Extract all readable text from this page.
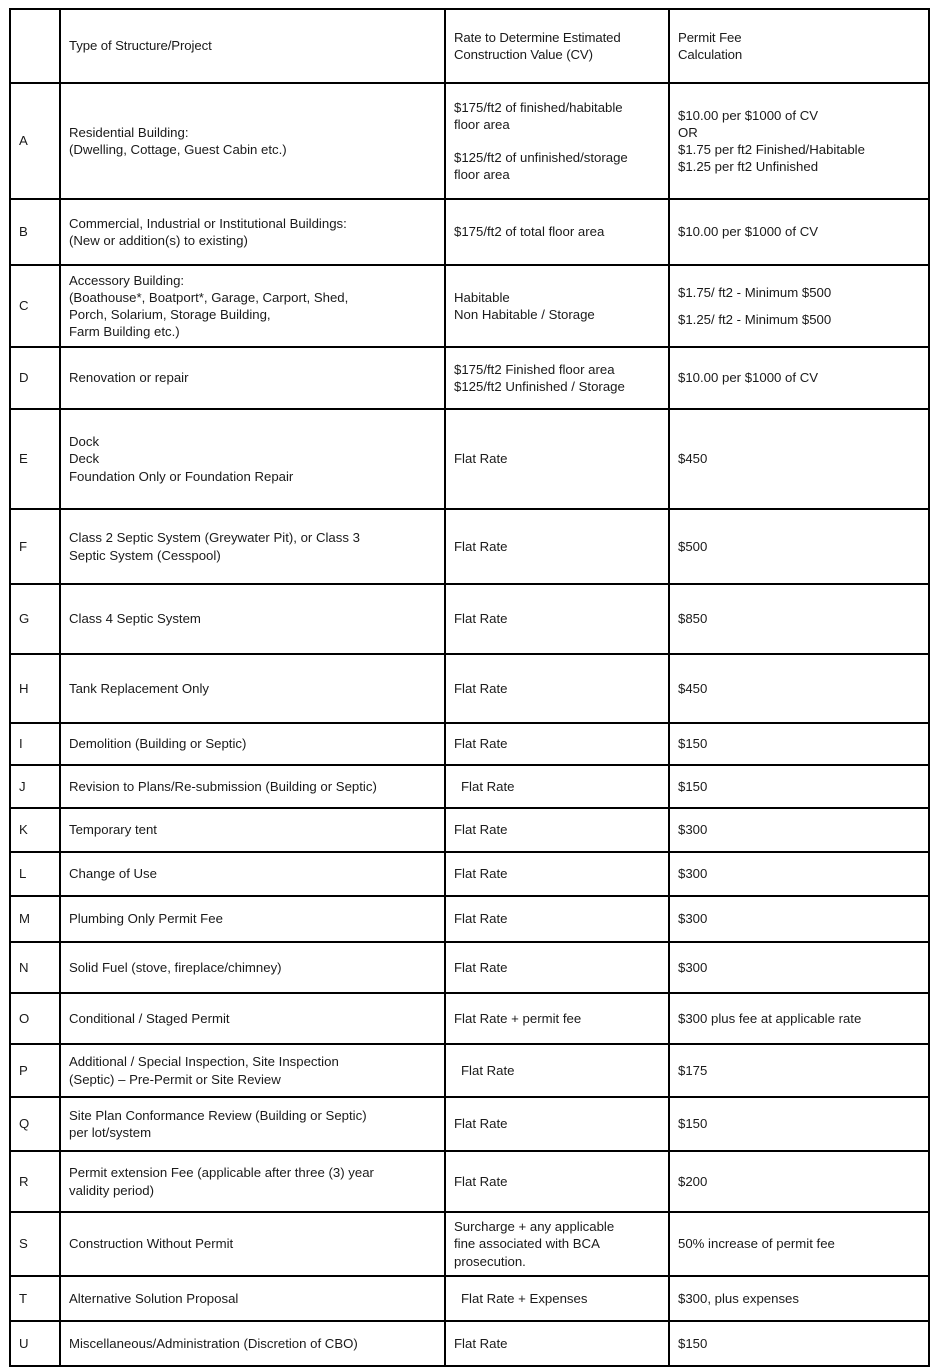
	Type of Structure/Project	Rate to Determine Estimated
Construction Value (CV)	Permit Fee
Calculation

A	Residential Building:
(Dwelling, Cottage, Guest Cabin etc.)	$175/ft2 of finished/habitable
floor area
$125/ft2 of unfinished/storage
floor area	$10.00 per $1000 of CV
OR
$1.75 per ft2 Finished/Habitable
$1.25 per ft2 Unfinished

B	Commercial, Industrial or Institutional Buildings:
(New or addition(s) to existing)	$175/ft2 of total floor area	$10.00 per $1000 of CV

C	Accessory Building:
(Boathouse*, Boatport*, Garage, Carport, Shed,
Porch, Solarium, Storage Building,
Farm Building etc.)	Habitable
Non Habitable / Storage	$1.75/ ft2 - Minimum $500
$1.25/ ft2 - Minimum $500

D	Renovation or repair	$175/ft2 Finished floor area
$125/ft2 Unfinished / Storage	$10.00 per $1000 of CV

E	Dock
Deck
Foundation Only or Foundation Repair	Flat Rate	$450

F	Class 2 Septic System (Greywater Pit), or Class 3
Septic System (Cesspool)	Flat Rate	$500

G	Class 4 Septic System	Flat Rate	$850

H	Tank Replacement Only	Flat Rate	$450

I	Demolition (Building or Septic)	Flat Rate	$150

J	Revision to Plans/Re-submission (Building or Septic)	Flat Rate	$150

K	Temporary tent	Flat Rate	$300

L	Change of Use	Flat Rate	$300

M	Plumbing Only Permit Fee	Flat Rate	$300

N	Solid Fuel (stove, fireplace/chimney)	Flat Rate	$300

O	Conditional / Staged Permit	Flat Rate + permit fee	$300 plus fee at applicable rate

P	Additional / Special Inspection, Site Inspection
(Septic) – Pre-Permit or Site Review	Flat Rate	$175

Q	Site Plan Conformance Review (Building or Septic)
per lot/system	Flat Rate	$150

R	Permit extension Fee (applicable after three (3) year
validity period)	Flat Rate	$200

S	Construction Without Permit	Surcharge + any applicable
fine associated with BCA
prosecution.	50% increase of permit fee

T	Alternative Solution Proposal	Flat Rate + Expenses	$300, plus expenses

U	Miscellaneous/Administration (Discretion of CBO)	Flat Rate	$150
